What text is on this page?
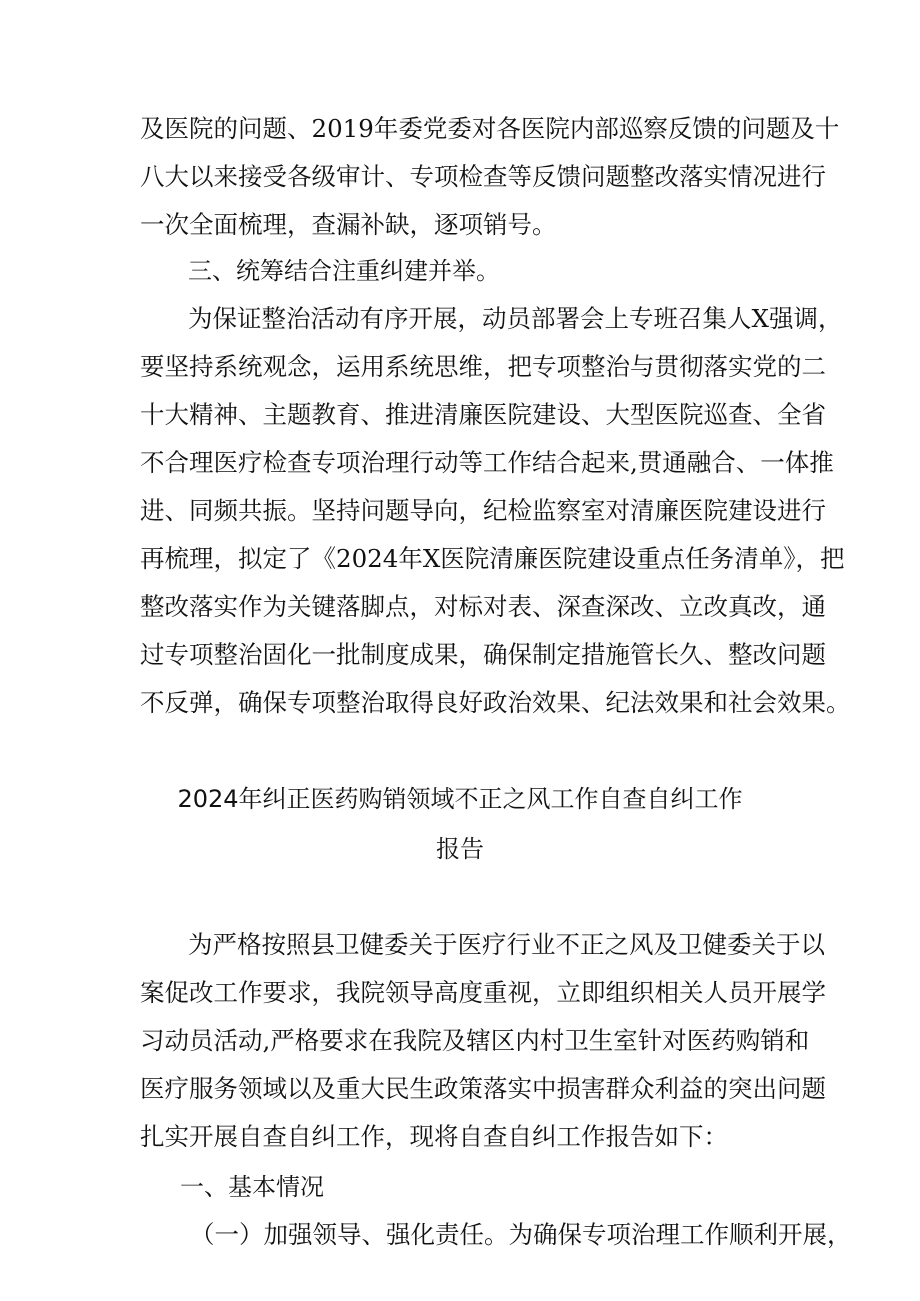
及医院的问题、2019年委党委对各医院内部巡察反馈的问题及十
八大以来接受各级审计、专项检查等反馈问题整改落实情况进行
一次全面梳理，查漏补缺，逐项销号。
三、统筹结合注重纠建并举。
为保证整治活动有序开展，动员部署会上专班召集人X强调，
要坚持系统观念，运用系统思维，把专项整治与贯彻落实党的二
十大精神、主题教育、推进清廉医院建设、大型医院巡查、全省
不合理医疗检查专项治理行动等工作结合起来,贯通融合、一体推
进、同频共振。坚持问题导向，纪检监察室对清廉医院建设进行
再梳理，拟定了《2024年X医院清廉医院建设重点任务清单》，把
整改落实作为关键落脚点，对标对表、深查深改、立改真改，通
过专项整治固化一批制度成果，确保制定措施管长久、整改问题
不反弹，确保专项整治取得良好政治效果、纪法效果和社会效果。
2024年纠正医药购销领域不正之风工作自查自纠工作
报告
为严格按照县卫健委关于医疗行业不正之风及卫健委关于以
案促改工作要求，我院领导高度重视，立即组织相关人员开展学
习动员活动,严格要求在我院及辖区内村卫生室针对医药购销和
医疗服务领域以及重大民生政策落实中损害群众利益的突出问题
扎实开展自查自纠工作，现将自查自纠工作报告如下：
一、基本情况
（一）加强领导、强化责任。为确保专项治理工作顺利开展，
